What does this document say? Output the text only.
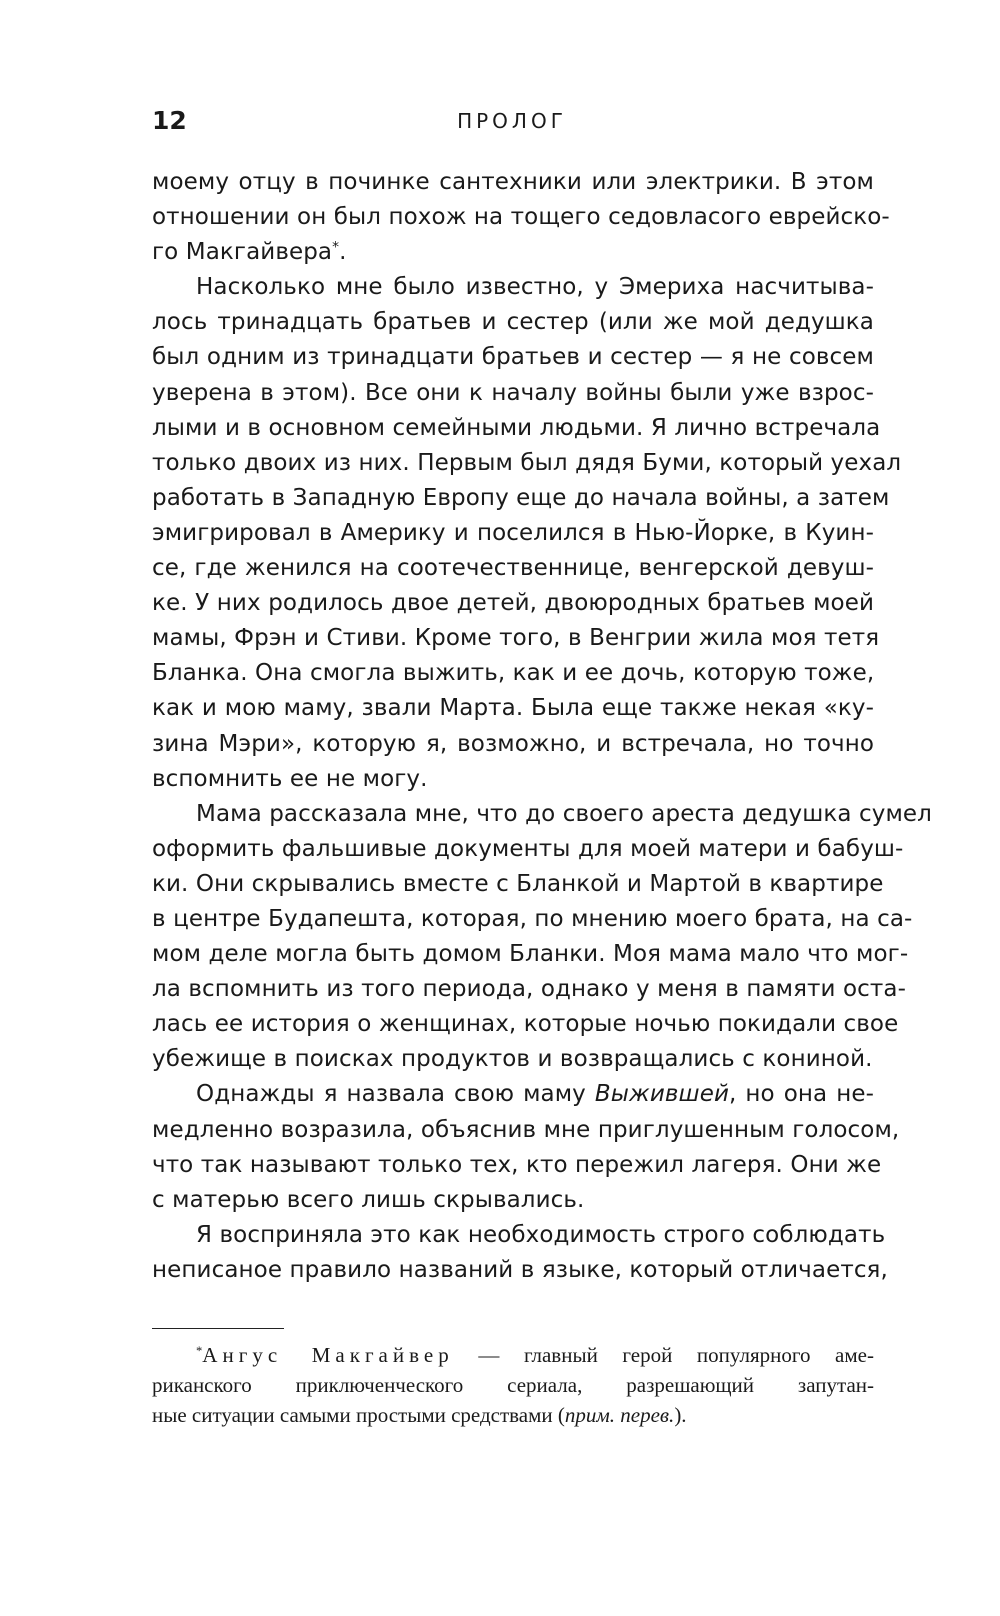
12	ПРОЛОГ
моему отцу в починке сантехники или электрики. В этом
отношении он был похож на тощего седовласого еврейско-
го Макгайвера*.
Насколько мне было известно, у Эмериха насчитыва-
лось тринадцать братьев и сестер (или же мой дедушка
был одним из тринадцати братьев и сестер — я не совсем
уверена в этом). Все они к началу войны были уже взрос-
лыми и в основном семейными людьми. Я лично встречала
только двоих из них. Первым был дядя Буми, который уехал
работать в Западную Европу еще до начала войны, а затем
эмигрировал в Америку и поселился в Нью-Йорке, в Куин-
се, где женился на соотечественнице, венгерской девуш-
ке. У них родилось двое детей, двоюродных братьев моей
мамы, Фрэн и Стиви. Кроме того, в Венгрии жила моя тетя
Бланка. Она смогла выжить, как и ее дочь, которую тоже,
как и мою маму, звали Марта. Была еще также некая «ку-
зина Мэри», которую я, возможно, и встречала, но точно
вспомнить ее не могу.
Мама рассказала мне, что до своего ареста дедушка сумел
оформить фальшивые документы для моей матери и бабуш-
ки. Они скрывались вместе с Бланкой и Мартой в квартире
в центре Будапешта, которая, по мнению моего брата, на са-
мом деле могла быть домом Бланки. Моя мама мало что мог-
ла вспомнить из того периода, однако у меня в памяти оста-
лась ее история о женщинах, которые ночью покидали свое
убежище в поисках продуктов и возвращались с кониной.
Однажды я назвала свою маму Выжившей, но она не-
медленно возразила, объяснив мне приглушенным голосом,
что так называют только тех, кто пережил лагеря. Они же
с матерью всего лишь скрывались.
Я восприняла это как необходимость строго соблюдать
неписаное правило названий в языке, который отличается,
*Ангус Макгайвер — главный герой популярного аме-
риканского приключенческого сериала, разрешающий запутан-
ные ситуации самыми простыми средствами (прим. перев.).
